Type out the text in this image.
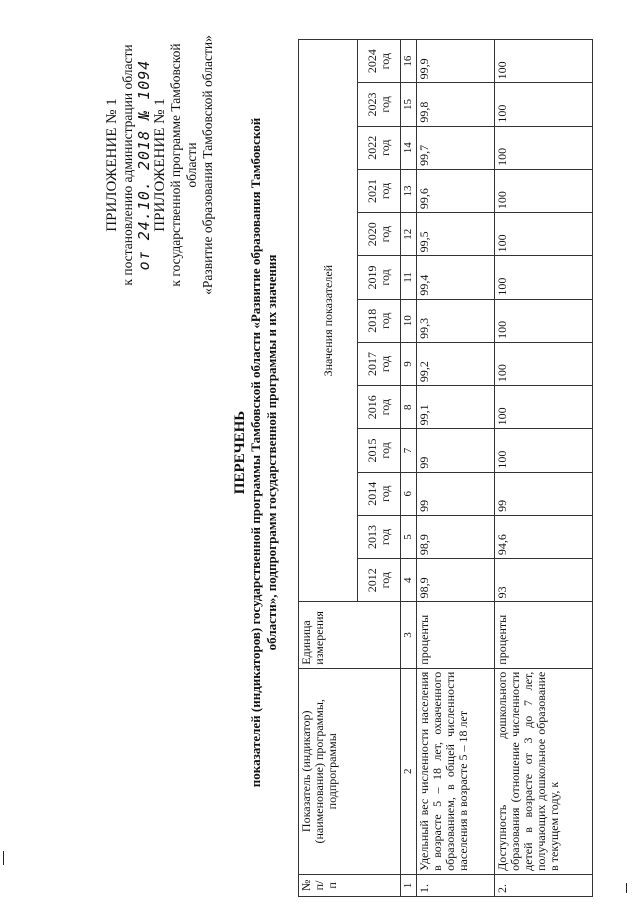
ПРИЛОЖЕНИЕ № 1 к постановлению администрации области от 24.10. 2018 № 1094 ПРИЛОЖЕНИЕ № 1 к государственной программе Тамбовской области «Развитие образования Тамбовской области»
ПЕРЕЧЕНЬ показателей (индикаторов) государственной программы Тамбовской области «Развитие образования Тамбовской области», подпрограмм государственной программы и их значения
№ п/п	Показатель (индикатор) (наименование) программы, подпрограммы	Единица измерения	Значения показателей												
			2012 год	2013 год	2014 год	2015 год	2016 год	2017 год	2018 год	2019 год	2020 год	2021 год	2022 год	2023 год	2024 год
1	2	3	4	5	6	7	8	9	10	11	12	13	14	15	16
1.	Удельный вес численности населения в возрасте 5 – 18 лет, охваченного образованием, в общей численности населения в возрасте 5 – 18 лет	проценты	98,9	98,9	99	99	99,1	99,2	99,3	99,4	99,5	99,6	99,7	99,8	99,9
2.	Доступность дошкольного образования (отношение численности детей в возрасте от 3 до 7 лет, получающих дошкольное образование в текущем году, к	проценты	93	94,6	99	100	100	100	100	100	100	100	100	100	100
